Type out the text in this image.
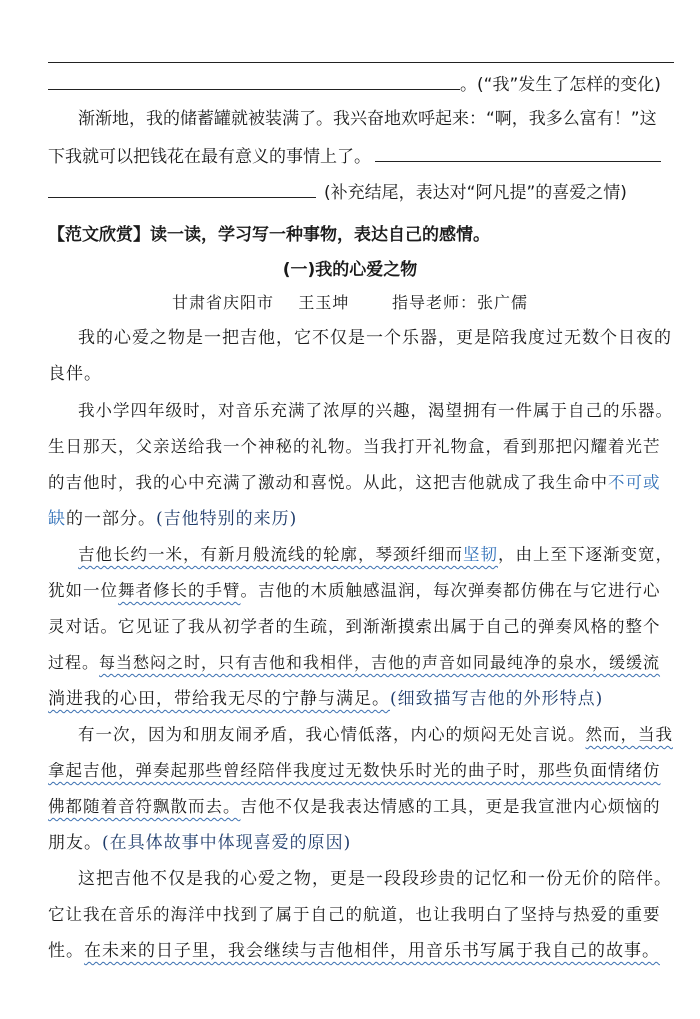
。(“我”发生了怎样的变化)
渐渐地，我的储蓄罐就被装满了。我兴奋地欢呼起来：“啊，我多么富有！”这
下我就可以把钱花在最有意义的事情上了。
(补充结尾，表达对“阿凡提”的喜爱之情)
【范文欣赏】读一读，学习写一种事物，表达自己的感情。
(一)我的心爱之物
甘肃省庆阳市    王玉坤       指导老师：张广儒
我的心爱之物是一把吉他，它不仅是一个乐器，更是陪我度过无数个日夜的
良伴。
我小学四年级时，对音乐充满了浓厚的兴趣，渴望拥有一件属于自己的乐器。
生日那天，父亲送给我一个神秘的礼物。当我打开礼物盒，看到那把闪耀着光芒
的吉他时，我的心中充满了激动和喜悦。从此，这把吉他就成了我生命中不可或
缺的一部分。(吉他特别的来历)
吉他长约一米，有新月般流线的轮廓，琴颈纤细而坚韧，由上至下逐渐变宽，
犹如一位舞者修长的手臂。吉他的木质触感温润，每次弹奏都仿佛在与它进行心
灵对话。它见证了我从初学者的生疏，到渐渐摸索出属于自己的弹奏风格的整个
过程。每当愁闷之时，只有吉他和我相伴，吉他的声音如同最纯净的泉水，缓缓流
淌进我的心田，带给我无尽的宁静与满足。(细致描写吉他的外形特点)
有一次，因为和朋友闹矛盾，我心情低落，内心的烦闷无处言说。然而，当我
拿起吉他，弹奏起那些曾经陪伴我度过无数快乐时光的曲子时，那些负面情绪仿
佛都随着音符飘散而去。吉他不仅是我表达情感的工具，更是我宣泄内心烦恼的
朋友。(在具体故事中体现喜爱的原因)
这把吉他不仅是我的心爱之物，更是一段段珍贵的记忆和一份无价的陪伴。
它让我在音乐的海洋中找到了属于自己的航道，也让我明白了坚持与热爱的重要
性。在未来的日子里，我会继续与吉他相伴，用音乐书写属于我自己的故事。
